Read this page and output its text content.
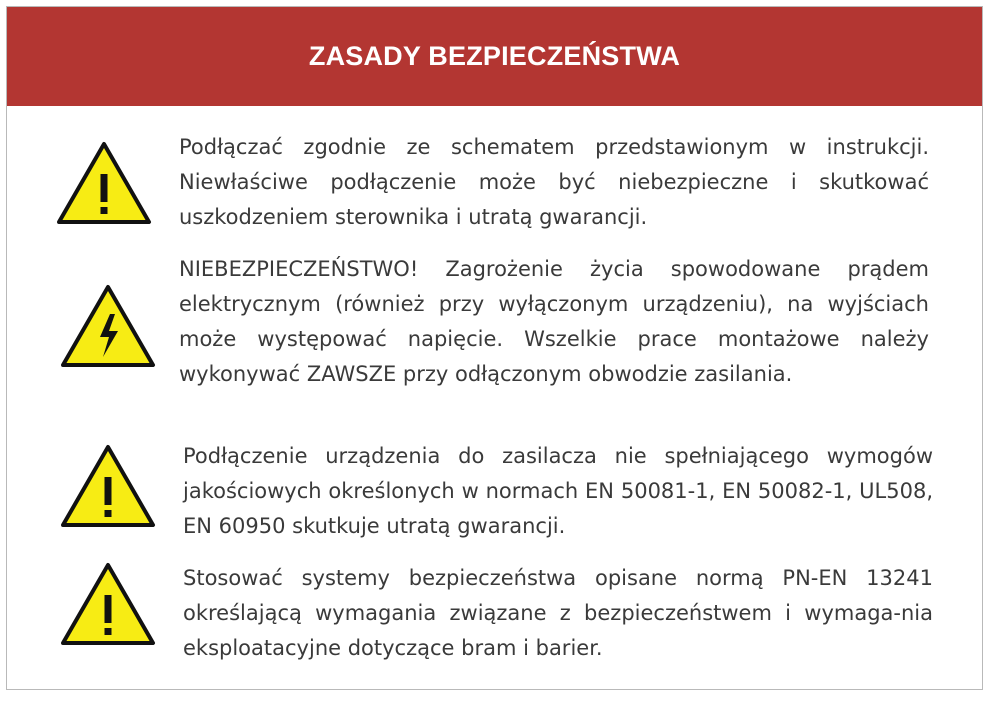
ZASADY BEZPIECZEŃSTWA

Podłączać zgodnie ze schematem przedstawionym w instrukcji. Niewłaściwe podłączenie może być niebezpieczne i skutkować uszkodzeniem sterownika i utratą gwarancji.

NIEBEZPIECZEŃSTWO! Zagrożenie życia spowodowane prądem elektrycznym (również przy wyłączonym urządzeniu), na wyjściach może występować napięcie. Wszelkie prace montażowe należy wykonywać ZAWSZE przy odłączonym obwodzie zasilania.

Podłączenie urządzenia do zasilacza nie spełniającego wymogów jakościowych określonych w normach EN 50081-1, EN 50082-1, UL508, EN 60950 skutkuje utratą gwarancji.

Stosować systemy bezpieczeństwa opisane normą PN-EN 13241 określającą wymagania związane z bezpieczeństwem i wymaga-nia eksploatacyjne dotyczące bram i barier.
